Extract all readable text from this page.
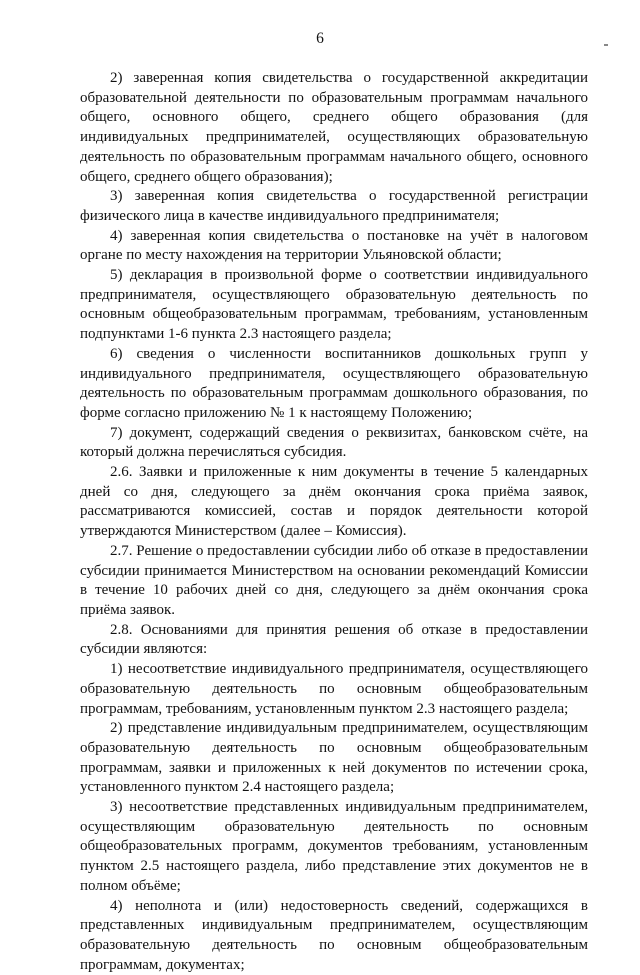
6

2) заверенная копия свидетельства о государственной аккредитации образовательной деятельности по образовательным программам начального общего, основного общего, среднего общего образования (для индивидуальных предпринимателей, осуществляющих образовательную деятельность по образовательным программам начального общего, основного общего, среднего общего образования);

3) заверенная копия свидетельства о государственной регистрации физического лица в качестве индивидуального предпринимателя;

4) заверенная копия свидетельства о постановке на учёт в налоговом органе по месту нахождения на территории Ульяновской области;

5) декларация в произвольной форме о соответствии индивидуального предпринимателя, осуществляющего образовательную деятельность по основным общеобразовательным программам, требованиям, установленным подпунктами 1-6 пункта 2.3 настоящего раздела;

6) сведения о численности воспитанников дошкольных групп у индивидуального предпринимателя, осуществляющего образовательную деятельность по образовательным программам дошкольного образования, по форме согласно приложению № 1 к настоящему Положению;

7) документ, содержащий сведения о реквизитах, банковском счёте, на который должна перечисляться субсидия.

2.6. Заявки и приложенные к ним документы в течение 5 календарных дней со дня, следующего за днём окончания срока приёма заявок, рассматриваются комиссией, состав и порядок деятельности которой утверждаются Министерством (далее – Комиссия).

2.7. Решение о предоставлении субсидии либо об отказе в предоставлении субсидии принимается Министерством на основании рекомендаций Комиссии в течение 10 рабочих дней со дня, следующего за днём окончания срока приёма заявок.

2.8. Основаниями для принятия решения об отказе в предоставлении субсидии являются:

1) несоответствие индивидуального предпринимателя, осуществляющего образовательную деятельность по основным общеобразовательным программам, требованиям, установленным пунктом 2.3 настоящего раздела;

2) представление индивидуальным предпринимателем, осуществляющим образовательную деятельность по основным общеобразовательным программам, заявки и приложенных к ней документов по истечении срока, установленного пунктом 2.4 настоящего раздела;

3) несоответствие представленных индивидуальным предпринимателем, осуществляющим образовательную деятельность по основным общеобразовательных программ, документов требованиям, установленным пунктом 2.5 настоящего раздела, либо представление этих документов не в полном объёме;

4) неполнота и (или) недостоверность сведений, содержащихся в представленных индивидуальным предпринимателем, осуществляющим образовательную деятельность по основным общеобразовательным программам, документах;
